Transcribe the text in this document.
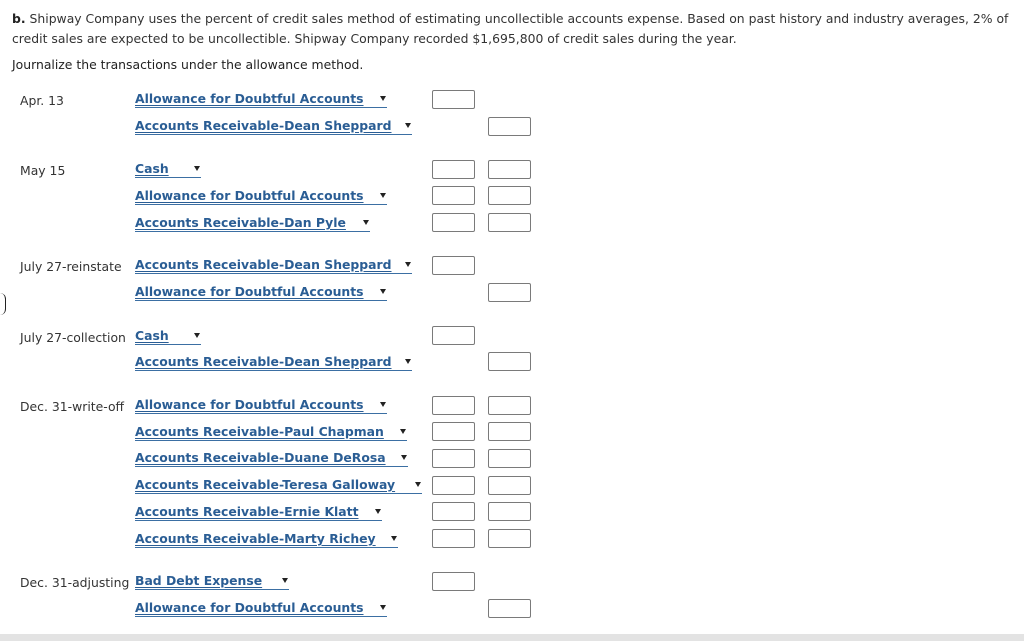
b. Shipway Company uses the percent of credit sales method of estimating uncollectible accounts expense. Based on past history and industry averages, 2% of credit sales are expected to be uncollectible. Shipway Company recorded $1,695,800 of credit sales during the year.
Journalize the transactions under the allowance method.
Apr. 13	Allowance for Doubtful Accounts
Accounts Receivable-Dean Sheppard
May 15	Cash
Allowance for Doubtful Accounts
Accounts Receivable-Dan Pyle
July 27-reinstate Accounts Receivable-Dean Sheppard
Allowance for Doubtful Accounts
July 27-collection Cash
Accounts Receivable-Dean Sheppard
Dec. 31-write-off Allowance for Doubtful Accounts
Accounts Receivable-Paul Chapman
Accounts Receivable-Duane DeRosa
Accounts Receivable-Teresa Galloway
Accounts Receivable-Ernie Klatt
Accounts Receivable-Marty Richey
Dec. 31-adjusting Bad Debt Expense
Allowance for Doubtful Accounts
